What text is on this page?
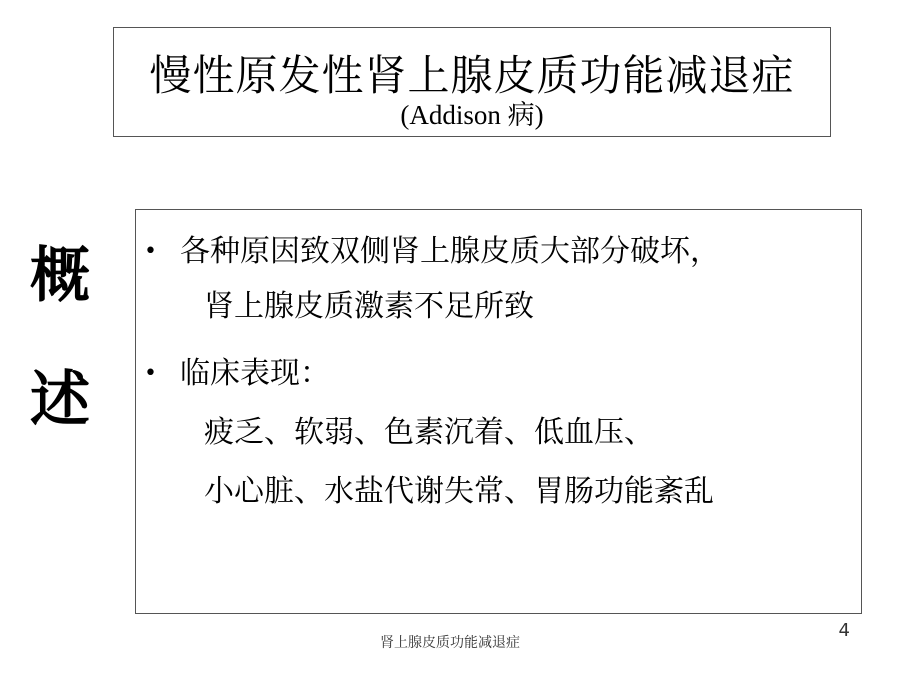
慢性原发性肾上腺皮质功能减退症
(Addison 病)
概
述
• 各种原因致双侧肾上腺皮质大部分破坏，
肾上腺皮质激素不足所致
• 临床表现：
疲乏、软弱、色素沉着、低血压、
小心脏、水盐代谢失常、胃肠功能紊乱
肾上腺皮质功能减退症
4
